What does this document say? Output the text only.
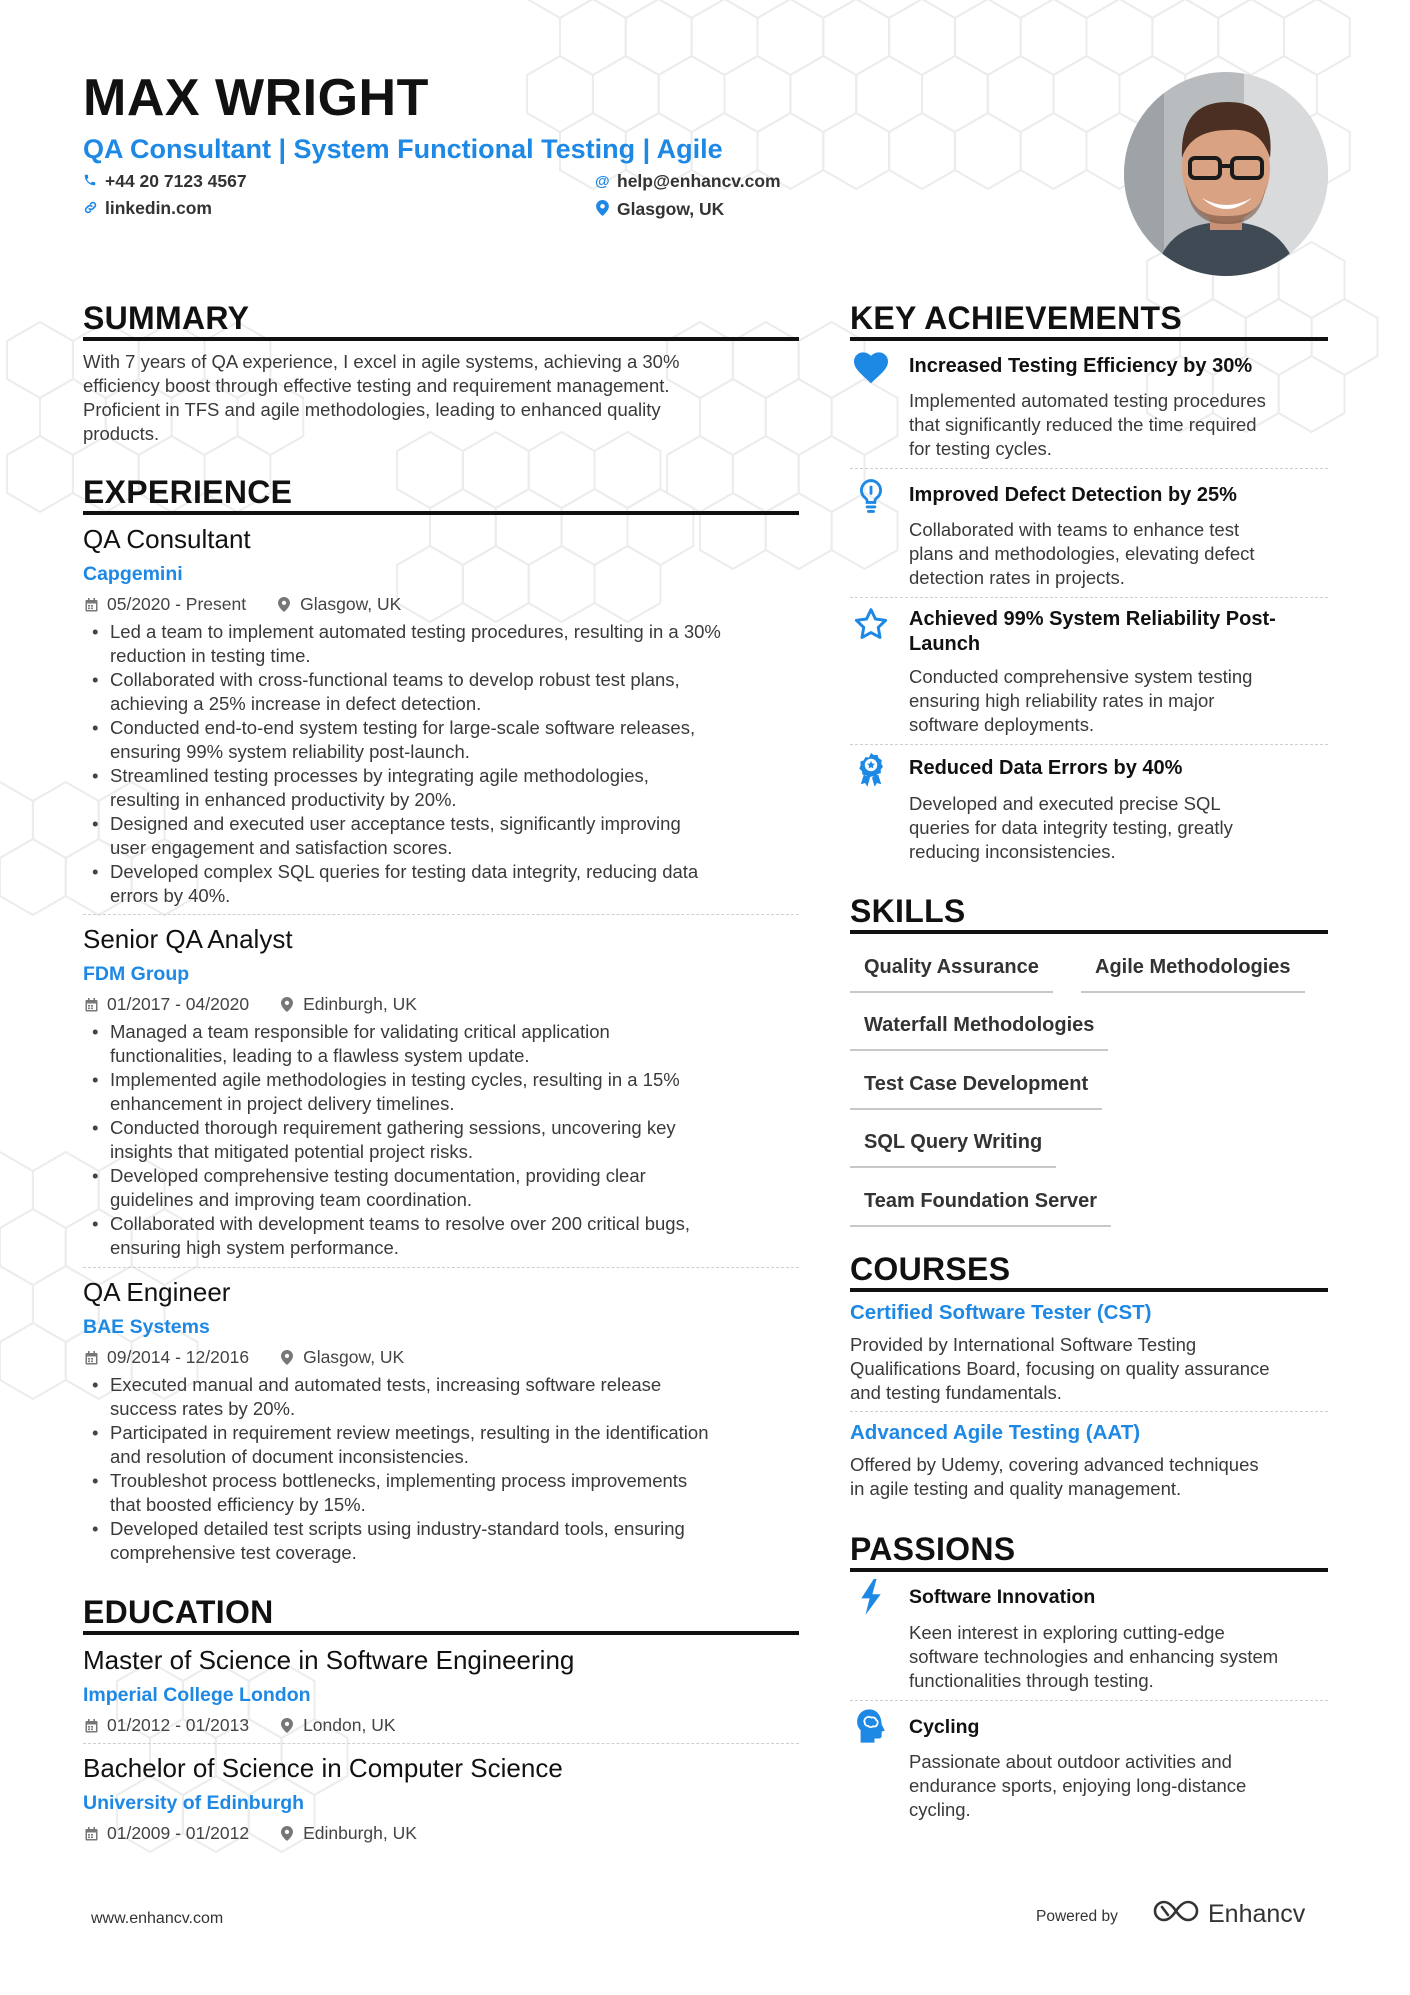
MAX WRIGHT
QA Consultant | System Functional Testing | Agile
+44 20 7123 4567	@ help@enhancv.com
linkedin.com	Glasgow, UK
SUMMARY
With 7 years of QA experience, I excel in agile systems, achieving a 30%
efficiency boost through effective testing and requirement management.
Proficient in TFS and agile methodologies, leading to enhanced quality
products.
EXPERIENCE
QA Consultant
Capgemini
05/2020 - Present	Glasgow, UK
• Led a team to implement automated testing procedures, resulting in a 30%
reduction in testing time.
• Collaborated with cross-functional teams to develop robust test plans,
achieving a 25% increase in defect detection.
• Conducted end-to-end system testing for large-scale software releases,
ensuring 99% system reliability post-launch.
• Streamlined testing processes by integrating agile methodologies,
resulting in enhanced productivity by 20%.
• Designed and executed user acceptance tests, significantly improving
user engagement and satisfaction scores.
• Developed complex SQL queries for testing data integrity, reducing data
errors by 40%.
Senior QA Analyst
FDM Group
01/2017 - 04/2020	Edinburgh, UK
• Managed a team responsible for validating critical application
functionalities, leading to a flawless system update.
• Implemented agile methodologies in testing cycles, resulting in a 15%
enhancement in project delivery timelines.
• Conducted thorough requirement gathering sessions, uncovering key
insights that mitigated potential project risks.
• Developed comprehensive testing documentation, providing clear
guidelines and improving team coordination.
• Collaborated with development teams to resolve over 200 critical bugs,
ensuring high system performance.
QA Engineer
BAE Systems
09/2014 - 12/2016	Glasgow, UK
• Executed manual and automated tests, increasing software release
success rates by 20%.
• Participated in requirement review meetings, resulting in the identification
and resolution of document inconsistencies.
• Troubleshot process bottlenecks, implementing process improvements
that boosted efficiency by 15%.
• Developed detailed test scripts using industry-standard tools, ensuring
comprehensive test coverage.
EDUCATION
Master of Science in Software Engineering
Imperial College London
01/2012 - 01/2013	London, UK
Bachelor of Science in Computer Science
University of Edinburgh
01/2009 - 01/2012	Edinburgh, UK
KEY ACHIEVEMENTS
Increased Testing Efficiency by 30%
Implemented automated testing procedures
that significantly reduced the time required
for testing cycles.
Improved Defect Detection by 25%
Collaborated with teams to enhance test
plans and methodologies, elevating defect
detection rates in projects.
Achieved 99% System Reliability Post-
Launch
Conducted comprehensive system testing
ensuring high reliability rates in major
software deployments.
Reduced Data Errors by 40%
Developed and executed precise SQL
queries for data integrity testing, greatly
reducing inconsistencies.
SKILLS
Quality Assurance	Agile Methodologies
Waterfall Methodologies
Test Case Development
SQL Query Writing
Team Foundation Server
COURSES
Certified Software Tester (CST)
Provided by International Software Testing
Qualifications Board, focusing on quality assurance
and testing fundamentals.
Advanced Agile Testing (AAT)
Offered by Udemy, covering advanced techniques
in agile testing and quality management.
PASSIONS
Software Innovation
Keen interest in exploring cutting-edge
software technologies and enhancing system
functionalities through testing.
Cycling
Passionate about outdoor activities and
endurance sports, enjoying long-distance
cycling.
www.enhancv.com	Powered by	Enhancv
